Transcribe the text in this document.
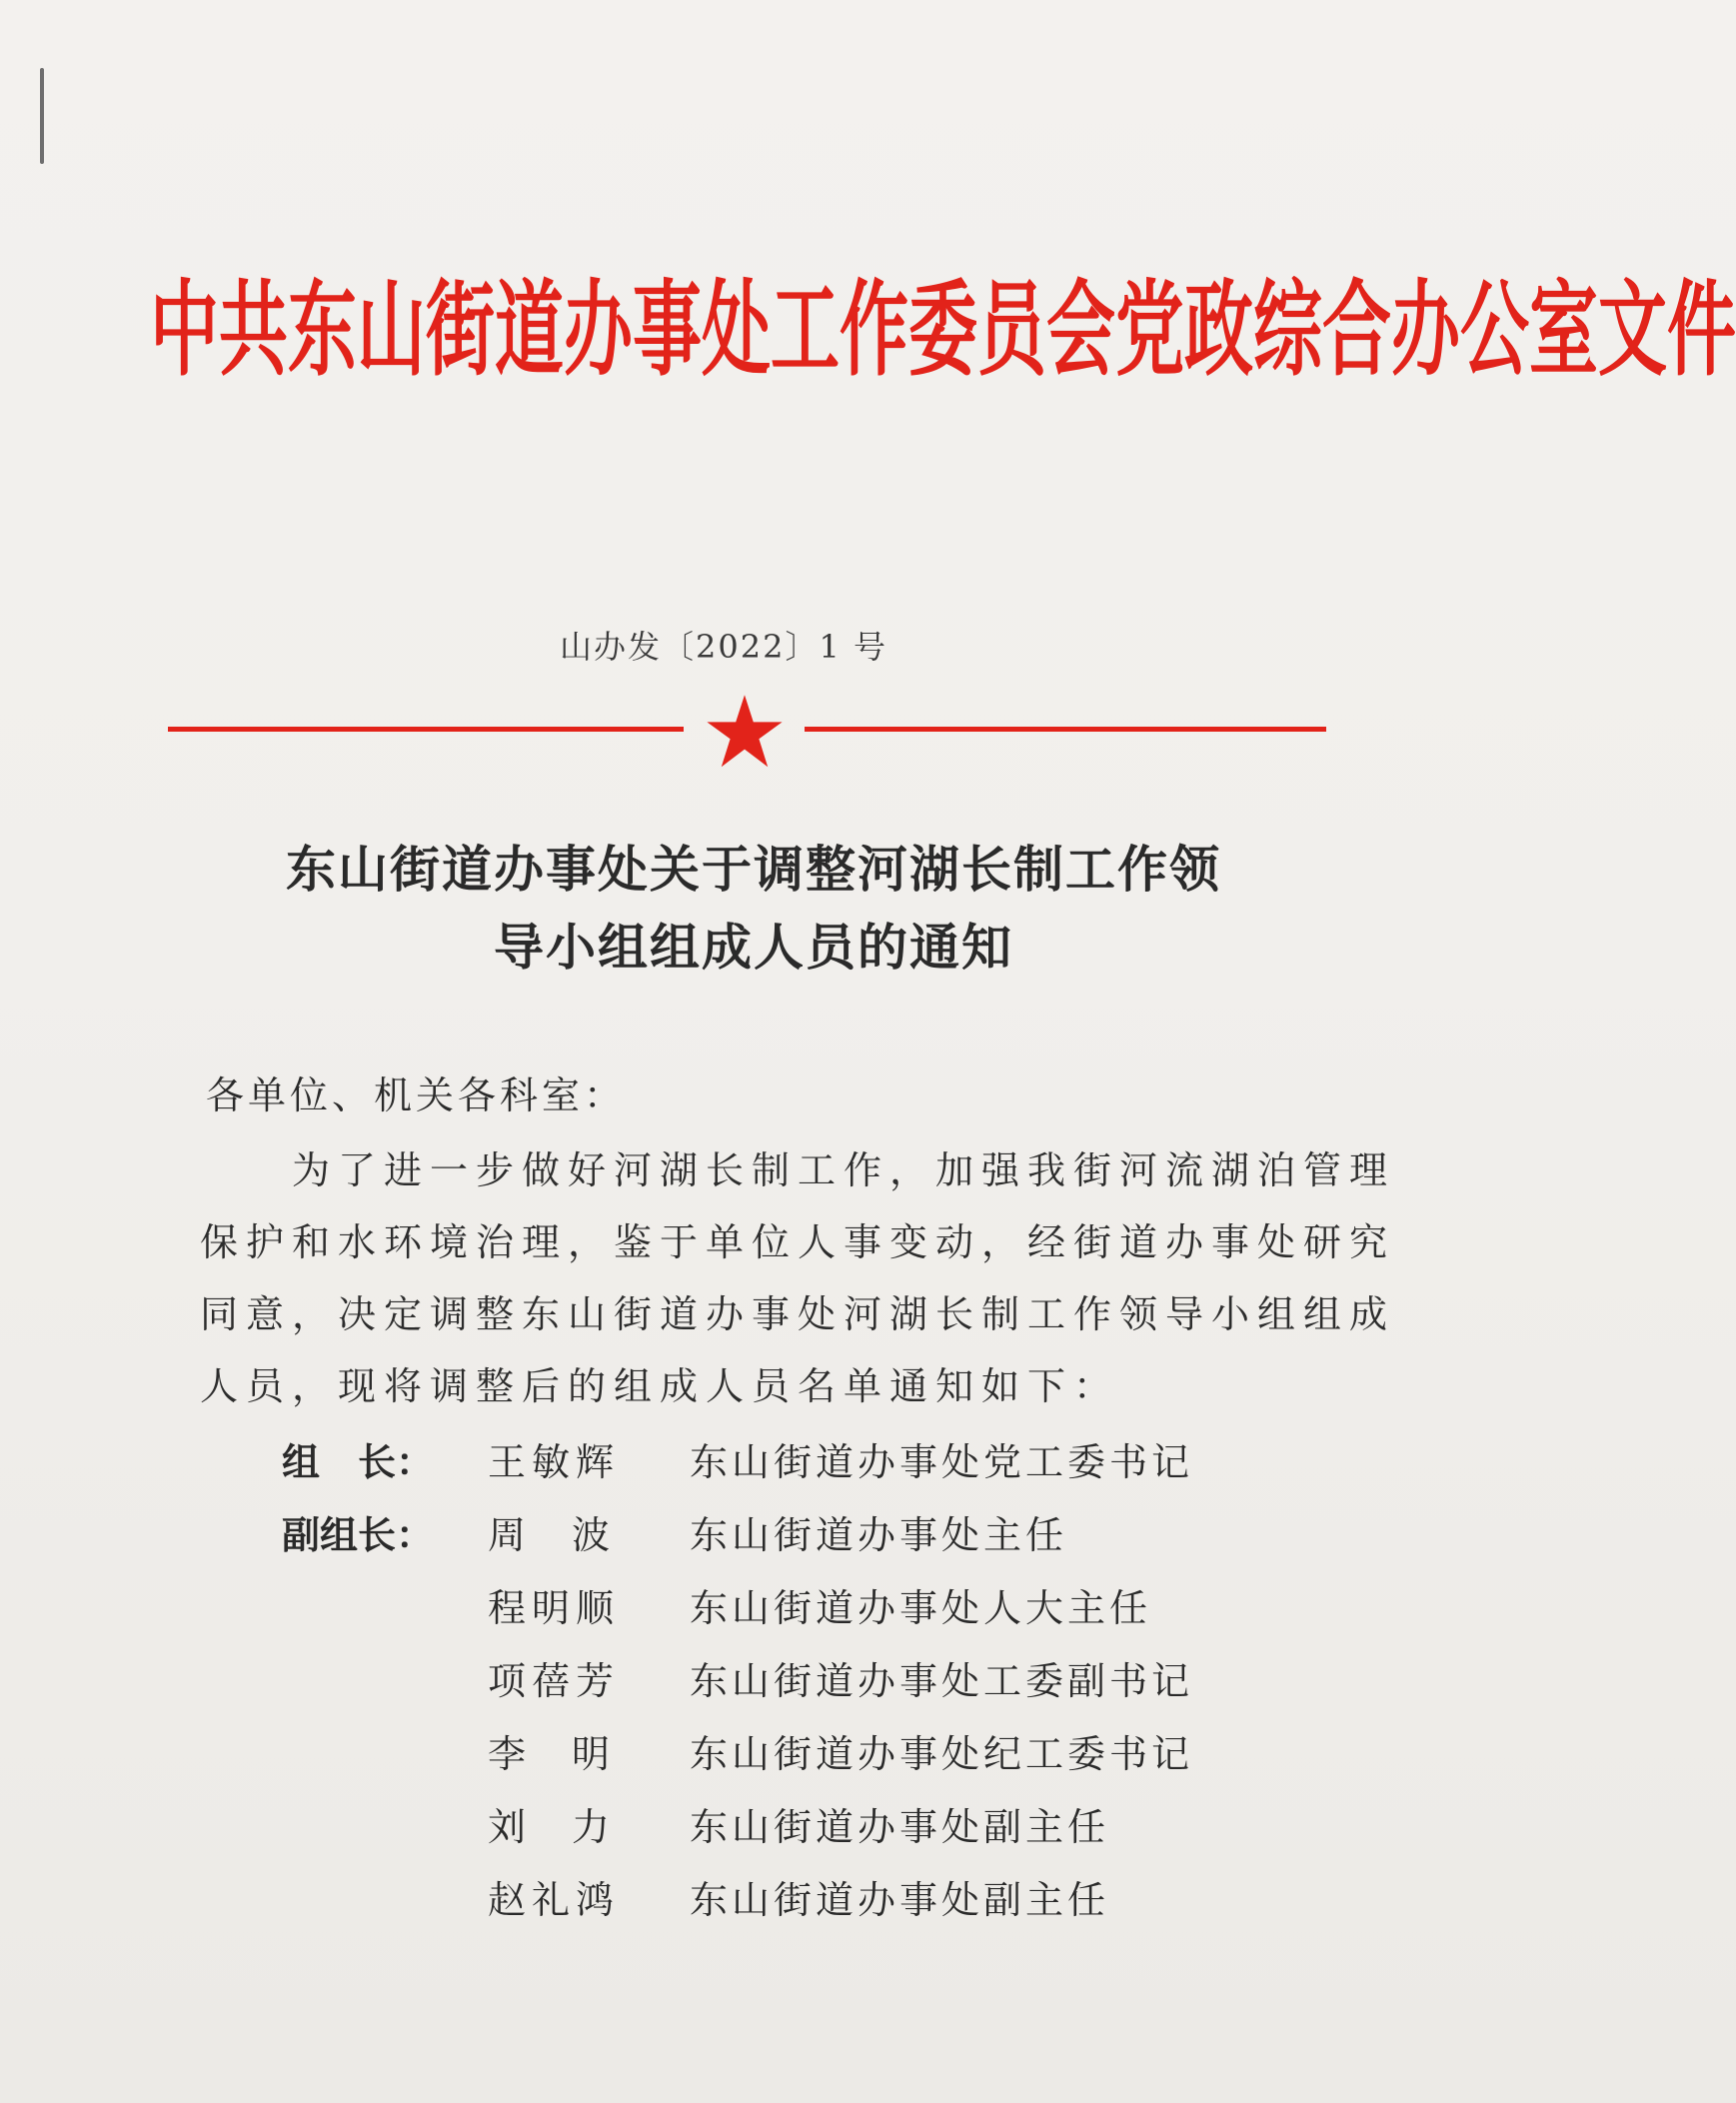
中共东山街道办事处工作委员会党政综合办公室文件
山办发〔2022〕1 号
东山街道办事处关于调整河湖长制工作领
导小组组成人员的通知
各单位、机关各科室：
为了进一步做好河湖长制工作，加强我街河流湖泊管理
保护和水环境治理，鉴于单位人事变动，经街道办事处研究
同意，决定调整东山街道办事处河湖长制工作领导小组组成
人员，现将调整后的组成人员名单通知如下：
组　长： 王敏辉 东山街道办事处党工委书记
副组长： 周波 东山街道办事处主任
程明顺 东山街道办事处人大主任
项蓓芳 东山街道办事处工委副书记
李明 东山街道办事处纪工委书记
刘力 东山街道办事处副主任
赵礼鸿 东山街道办事处副主任
